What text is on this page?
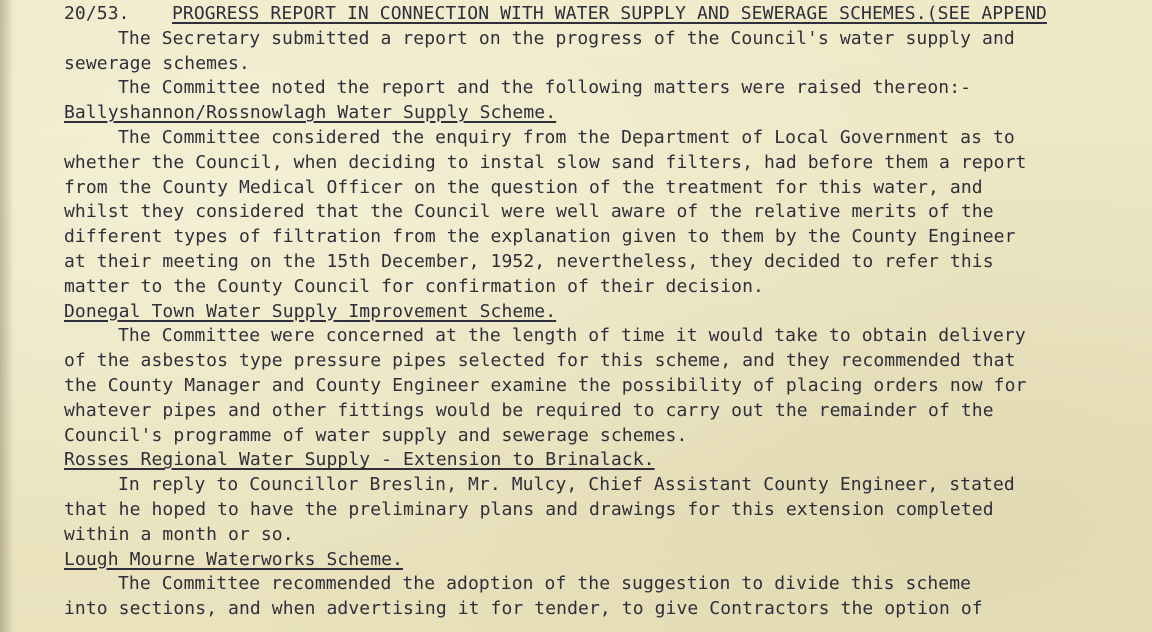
20/53. PROGRESS REPORT IN CONNECTION WITH WATER SUPPLY AND SEWERAGE SCHEMES.(SEE APPEND
The Secretary submitted a report on the progress of the Council's water supply and
sewerage schemes.
The Committee noted the report and the following matters were raised thereon:-
Ballyshannon/Rossnowlagh Water Supply Scheme.
The Committee considered the enquiry from the Department of Local Government as to
whether the Council, when deciding to instal slow sand filters, had before them a report
from the County Medical Officer on the question of the treatment for this water, and
whilst they considered that the Council were well aware of the relative merits of the
different types of filtration from the explanation given to them by the County Engineer
at their meeting on the 15th December, 1952, nevertheless, they decided to refer this
matter to the County Council for confirmation of their decision.
Donegal Town Water Supply Improvement Scheme.
The Committee were concerned at the length of time it would take to obtain delivery
of the asbestos type pressure pipes selected for this scheme, and they recommended that
the County Manager and County Engineer examine the possibility of placing orders now for
whatever pipes and other fittings would be required to carry out the remainder of the
Council's programme of water supply and sewerage schemes.
Rosses Regional Water Supply - Extension to Brinalack.
In reply to Councillor Breslin, Mr. Mulcy, Chief Assistant County Engineer, stated
that he hoped to have the preliminary plans and drawings for this extension completed
within a month or so.
Lough Mourne Waterworks Scheme.
The Committee recommended the adoption of the suggestion to divide this scheme
into sections, and when advertising it for tender, to give Contractors the option of
